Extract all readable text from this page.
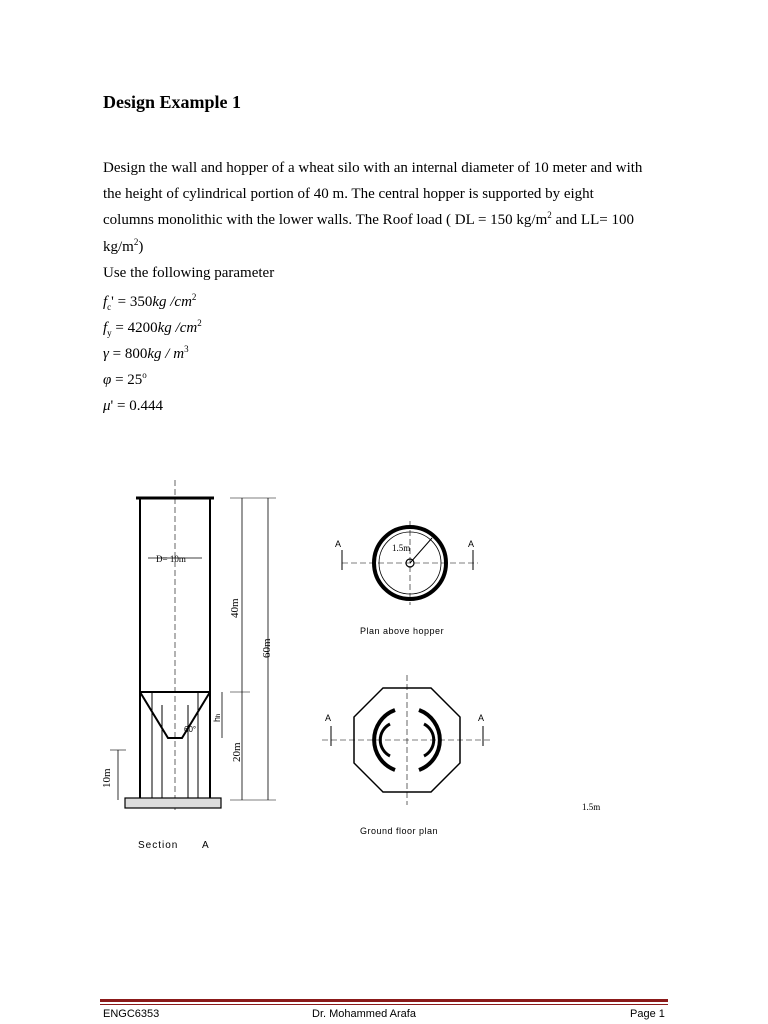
Design Example 1
Design the wall and hopper of a wheat silo with an internal diameter of 10 meter and with
the height of cylindrical portion of 40 m. The central hopper is supported by eight
columns monolithic with the lower walls. The Roof load ( DL = 150 $kg/m^2$ and LL= 100
$kg/m^2$)
Use the following parameter
$f_c' = 350kg$ $/cm^2$
$f_y = 4200kg$ $/cm^2$
$\gamma = 800kg / m^3$
$\varphi = 25^o$
μ' = 0.444
D= 10m
40m
60m
20m
10m
hh
60°
Section A
1.5m
A	A
Plan above hopper
A	A
Ground floor plan
1.5m
ENGC6353	Dr. Mohammed Arafa	Page 1
